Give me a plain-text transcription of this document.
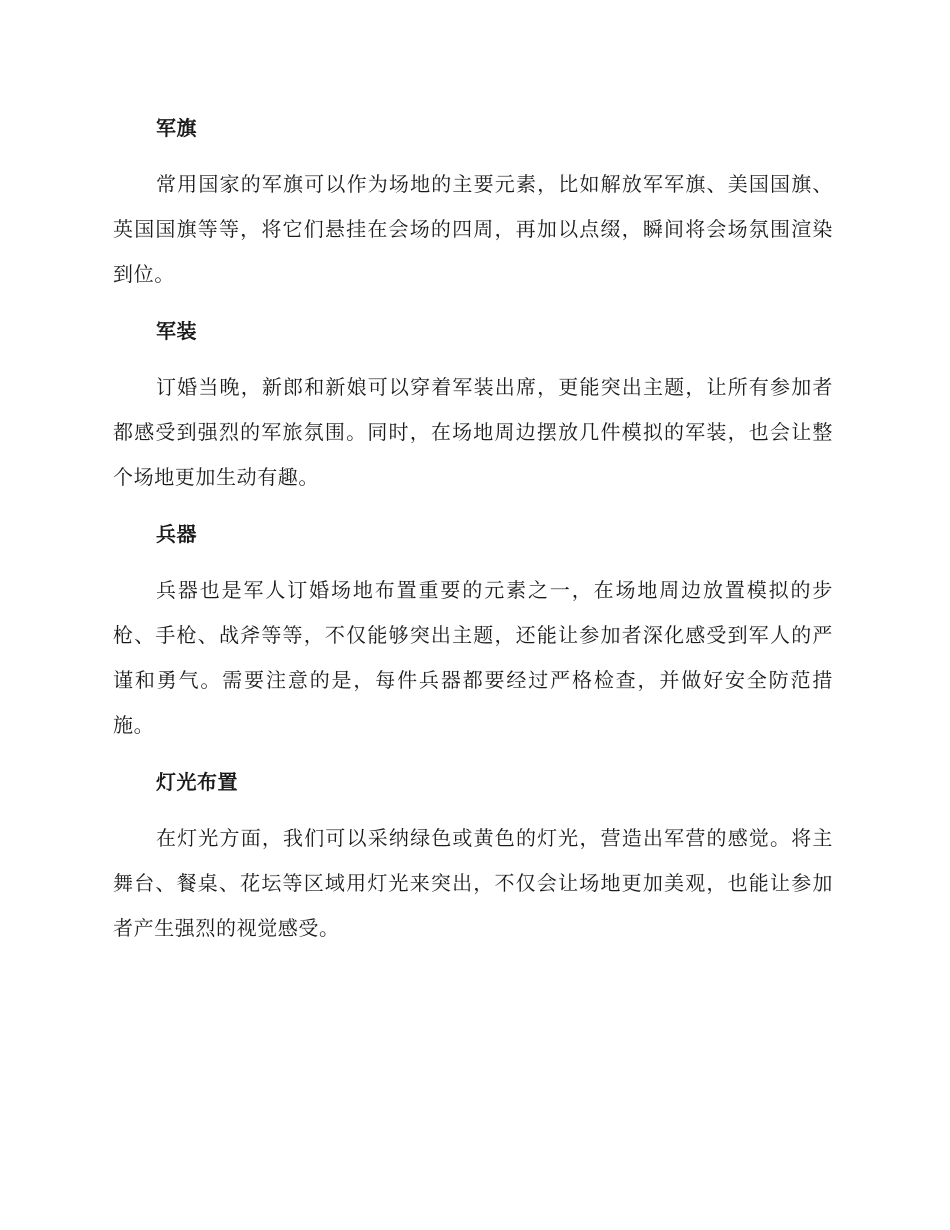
军旗

常用国家的军旗可以作为场地的主要元素，比如解放军军旗、美国国旗、英国国旗等等，将它们悬挂在会场的四周，再加以点缀，瞬间将会场氛围渲染到位。

军装

订婚当晚，新郎和新娘可以穿着军装出席，更能突出主题，让所有参加者都感受到强烈的军旅氛围。同时，在场地周边摆放几件模拟的军装，也会让整个场地更加生动有趣。

兵器

兵器也是军人订婚场地布置重要的元素之一，在场地周边放置模拟的步枪、手枪、战斧等等，不仅能够突出主题，还能让参加者深化感受到军人的严谨和勇气。需要注意的是，每件兵器都要经过严格检查，并做好安全防范措施。

灯光布置

在灯光方面，我们可以采纳绿色或黄色的灯光，营造出军营的感觉。将主舞台、餐桌、花坛等区域用灯光来突出，不仅会让场地更加美观，也能让参加者产生强烈的视觉感受。
